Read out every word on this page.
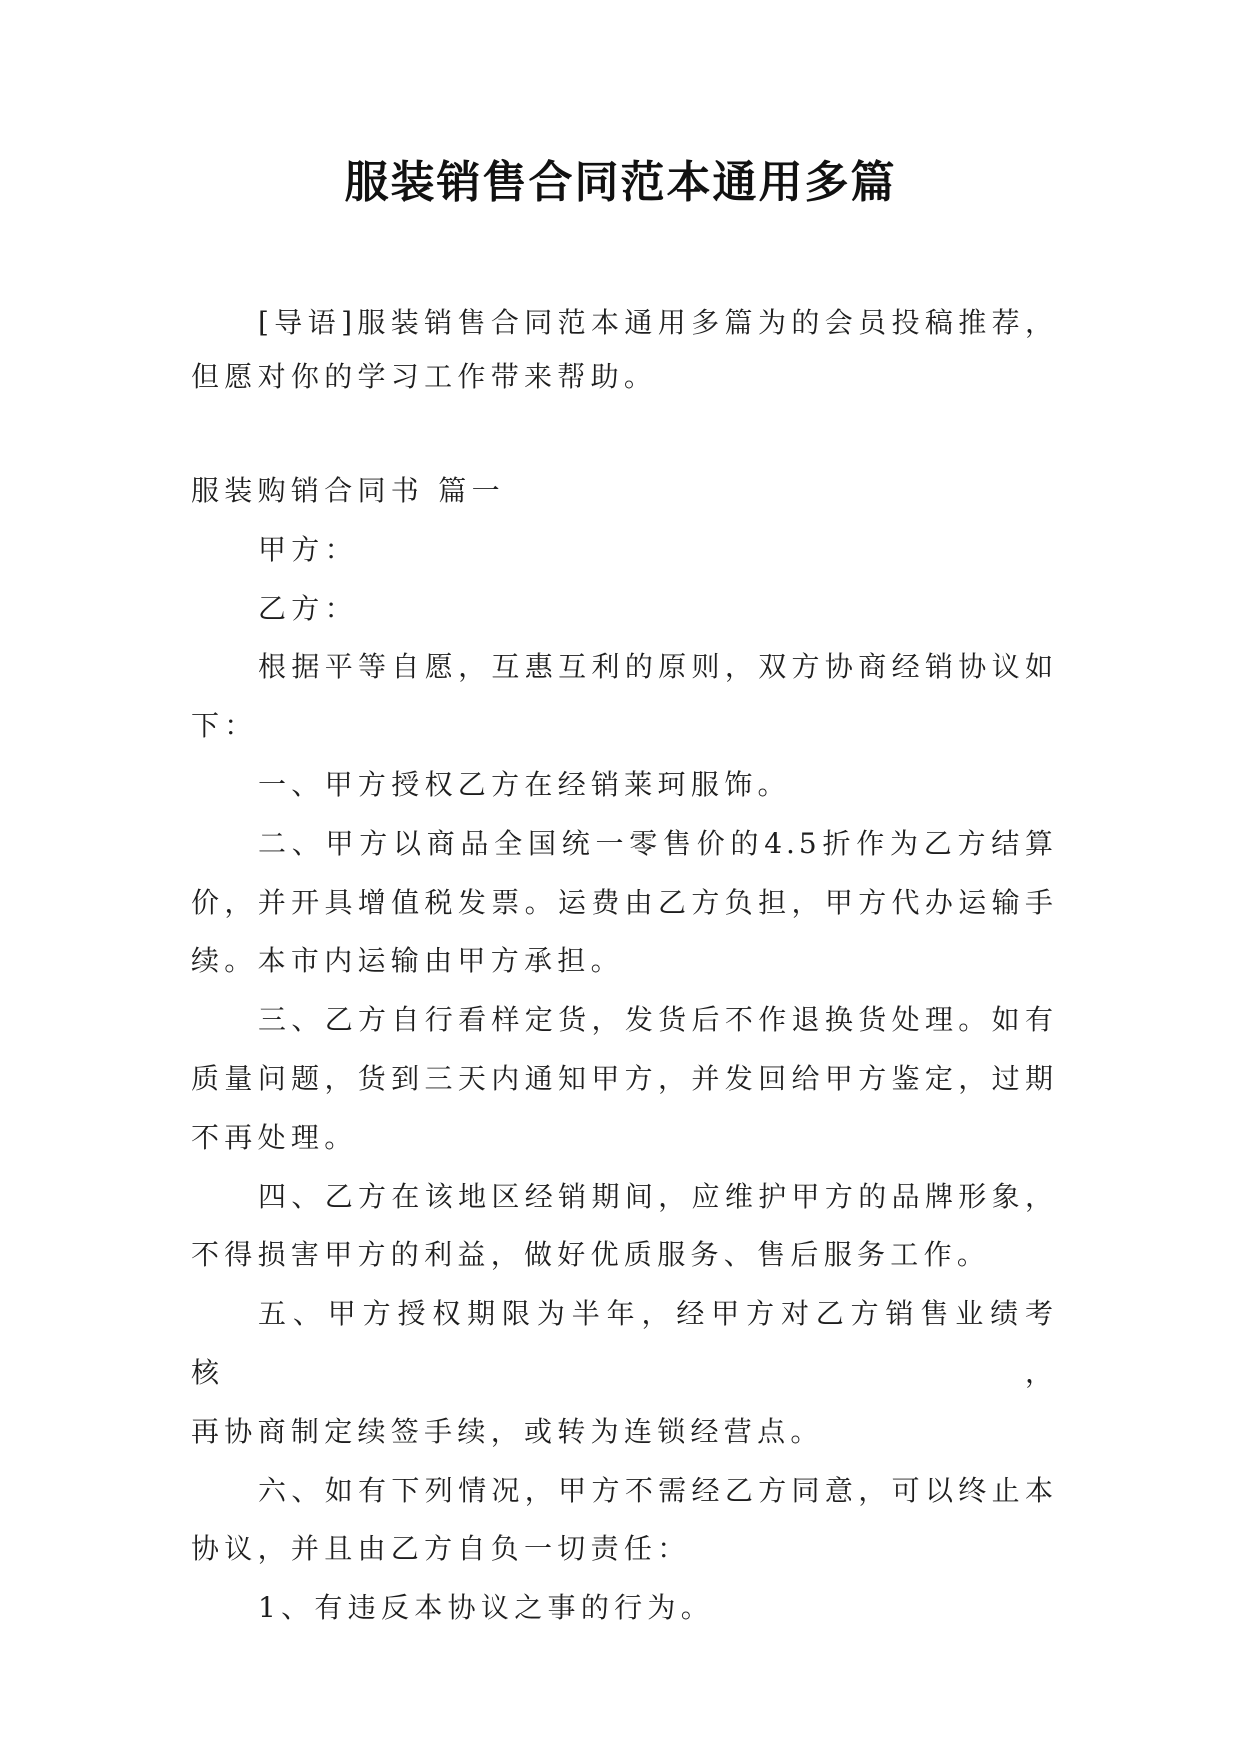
服装销售合同范本通用多篇
[导语]服装销售合同范本通用多篇为的会员投稿推荐，
但愿对你的学习工作带来帮助。
服装购销合同书 篇一
甲方：
乙方：
根据平等自愿，互惠互利的原则，双方协商经销协议如
下：
一、甲方授权乙方在经销莱珂服饰。
二、甲方以商品全国统一零售价的4.5折作为乙方结算
价，并开具增值税发票。运费由乙方负担，甲方代办运输手
续。本市内运输由甲方承担。
三、乙方自行看样定货，发货后不作退换货处理。如有
质量问题，货到三天内通知甲方，并发回给甲方鉴定，过期
不再处理。
四、乙方在该地区经销期间，应维护甲方的品牌形象，
不得损害甲方的利益，做好优质服务、售后服务工作。
五、甲方授权期限为半年，经甲方对乙方销售业绩考核，
再协商制定续签手续，或转为连锁经营点。
六、如有下列情况，甲方不需经乙方同意，可以终止本
协议，并且由乙方自负一切责任：
1、有违反本协议之事的行为。
